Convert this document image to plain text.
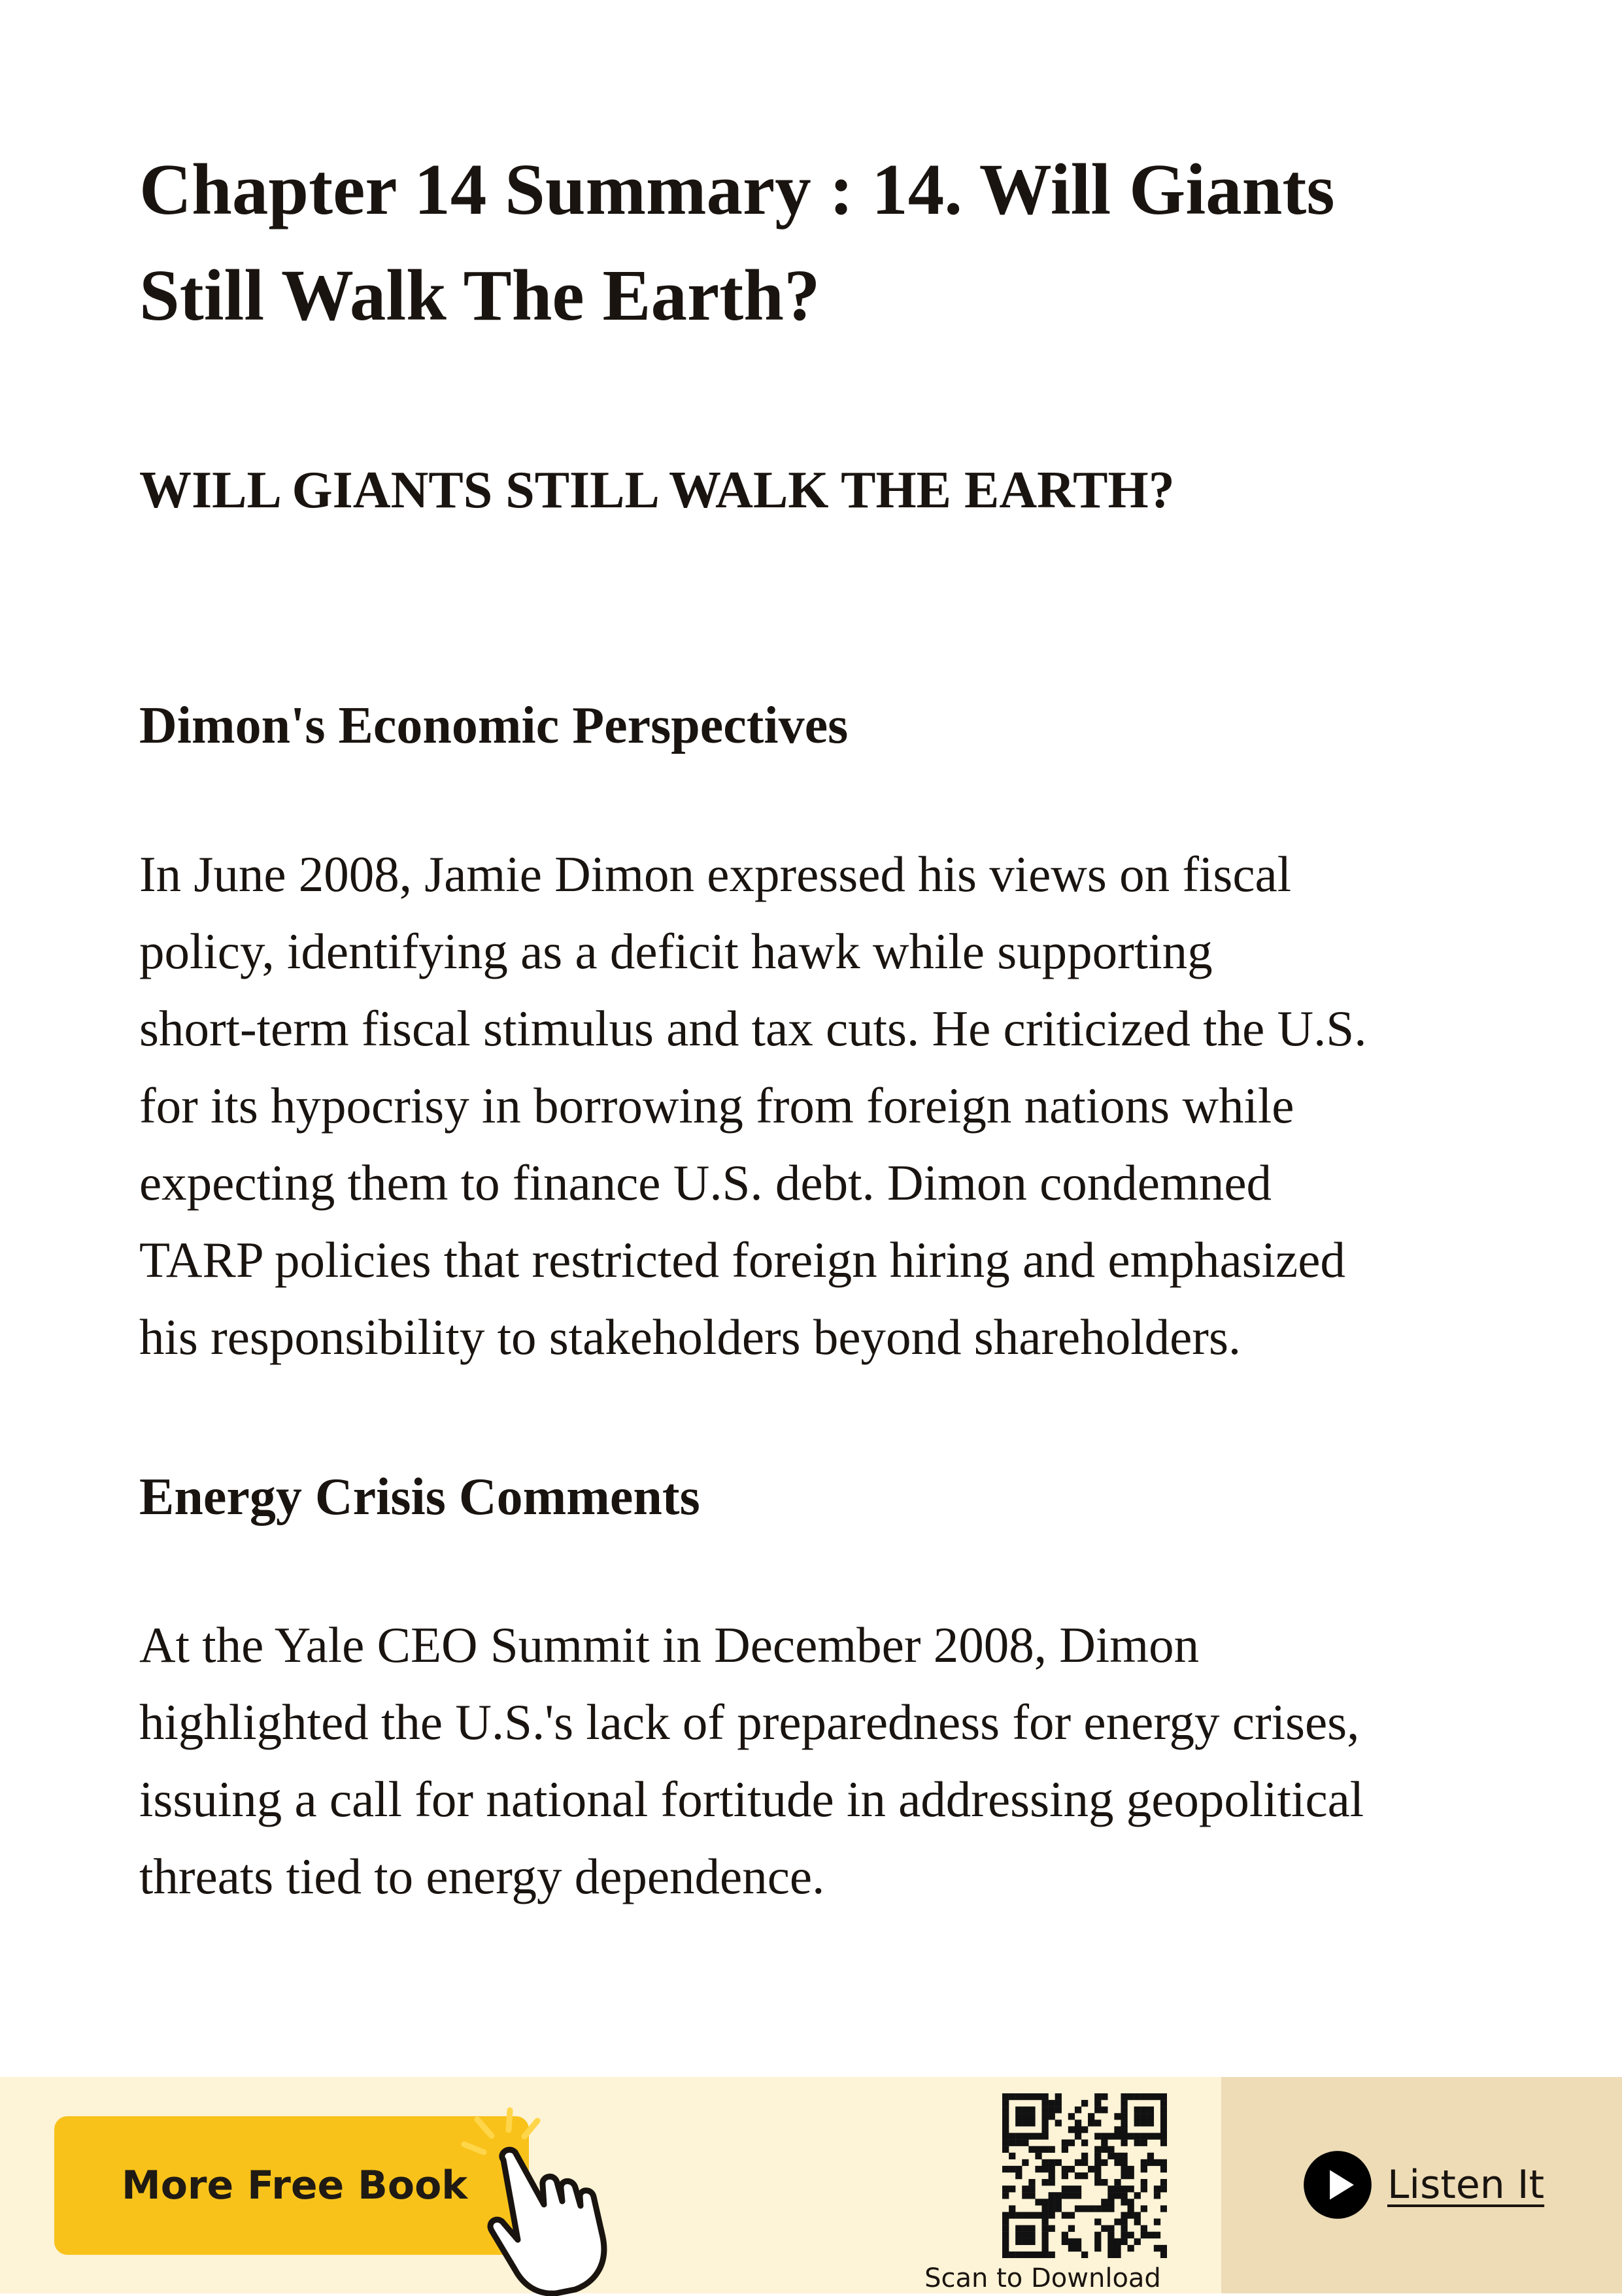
Chapter 14 Summary : 14. Will Giants
Still Walk The Earth?
WILL GIANTS STILL WALK THE EARTH?
Dimon's Economic Perspectives

In June 2008, Jamie Dimon expressed his views on fiscal
policy, identifying as a deficit hawk while supporting
short-term fiscal stimulus and tax cuts. He criticized the U.S.
for its hypocrisy in borrowing from foreign nations while
expecting them to finance U.S. debt. Dimon condemned
TARP policies that restricted foreign hiring and emphasized
his responsibility to stakeholders beyond shareholders.

Energy Crisis Comments

At the Yale CEO Summit in December 2008, Dimon
highlighted the U.S.'s lack of preparedness for energy crises,
issuing a call for national fortitude in addressing geopolitical
threats tied to energy dependence.

More Free Book
Scan to Download
Listen It
